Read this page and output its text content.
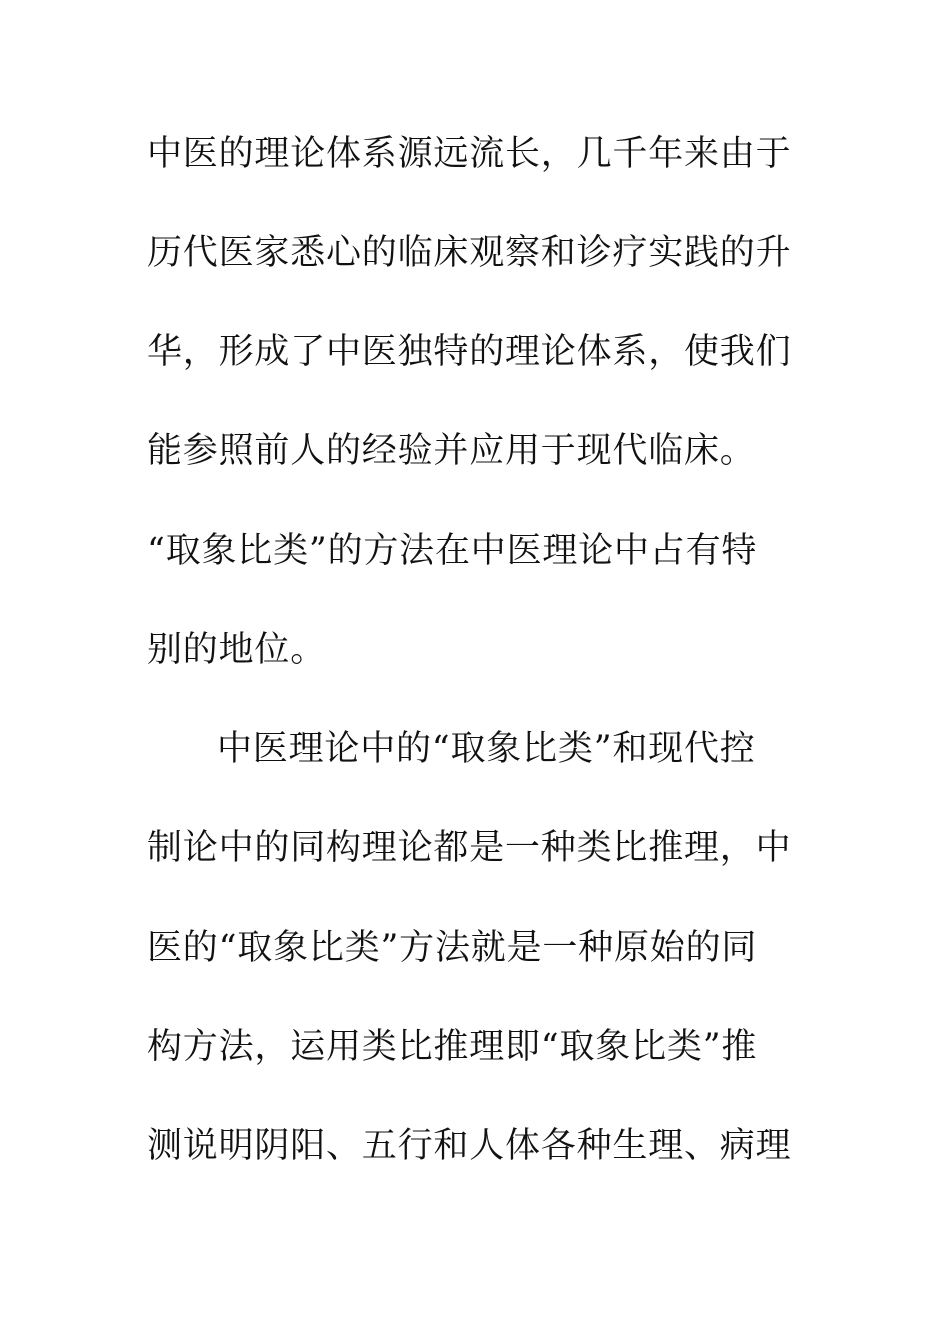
中医的理论体系源远流长，几千年来由于
历代医家悉心的临床观察和诊疗实践的升
华，形成了中医独特的理论体系，使我们
能参照前人的经验并应用于现代临床。
“取象比类”的方法在中医理论中占有特
别的地位。
中医理论中的“取象比类”和现代控
制论中的同构理论都是一种类比推理，中
医的“取象比类”方法就是一种原始的同
构方法，运用类比推理即“取象比类”推
测说明阴阳、五行和人体各种生理、病理
